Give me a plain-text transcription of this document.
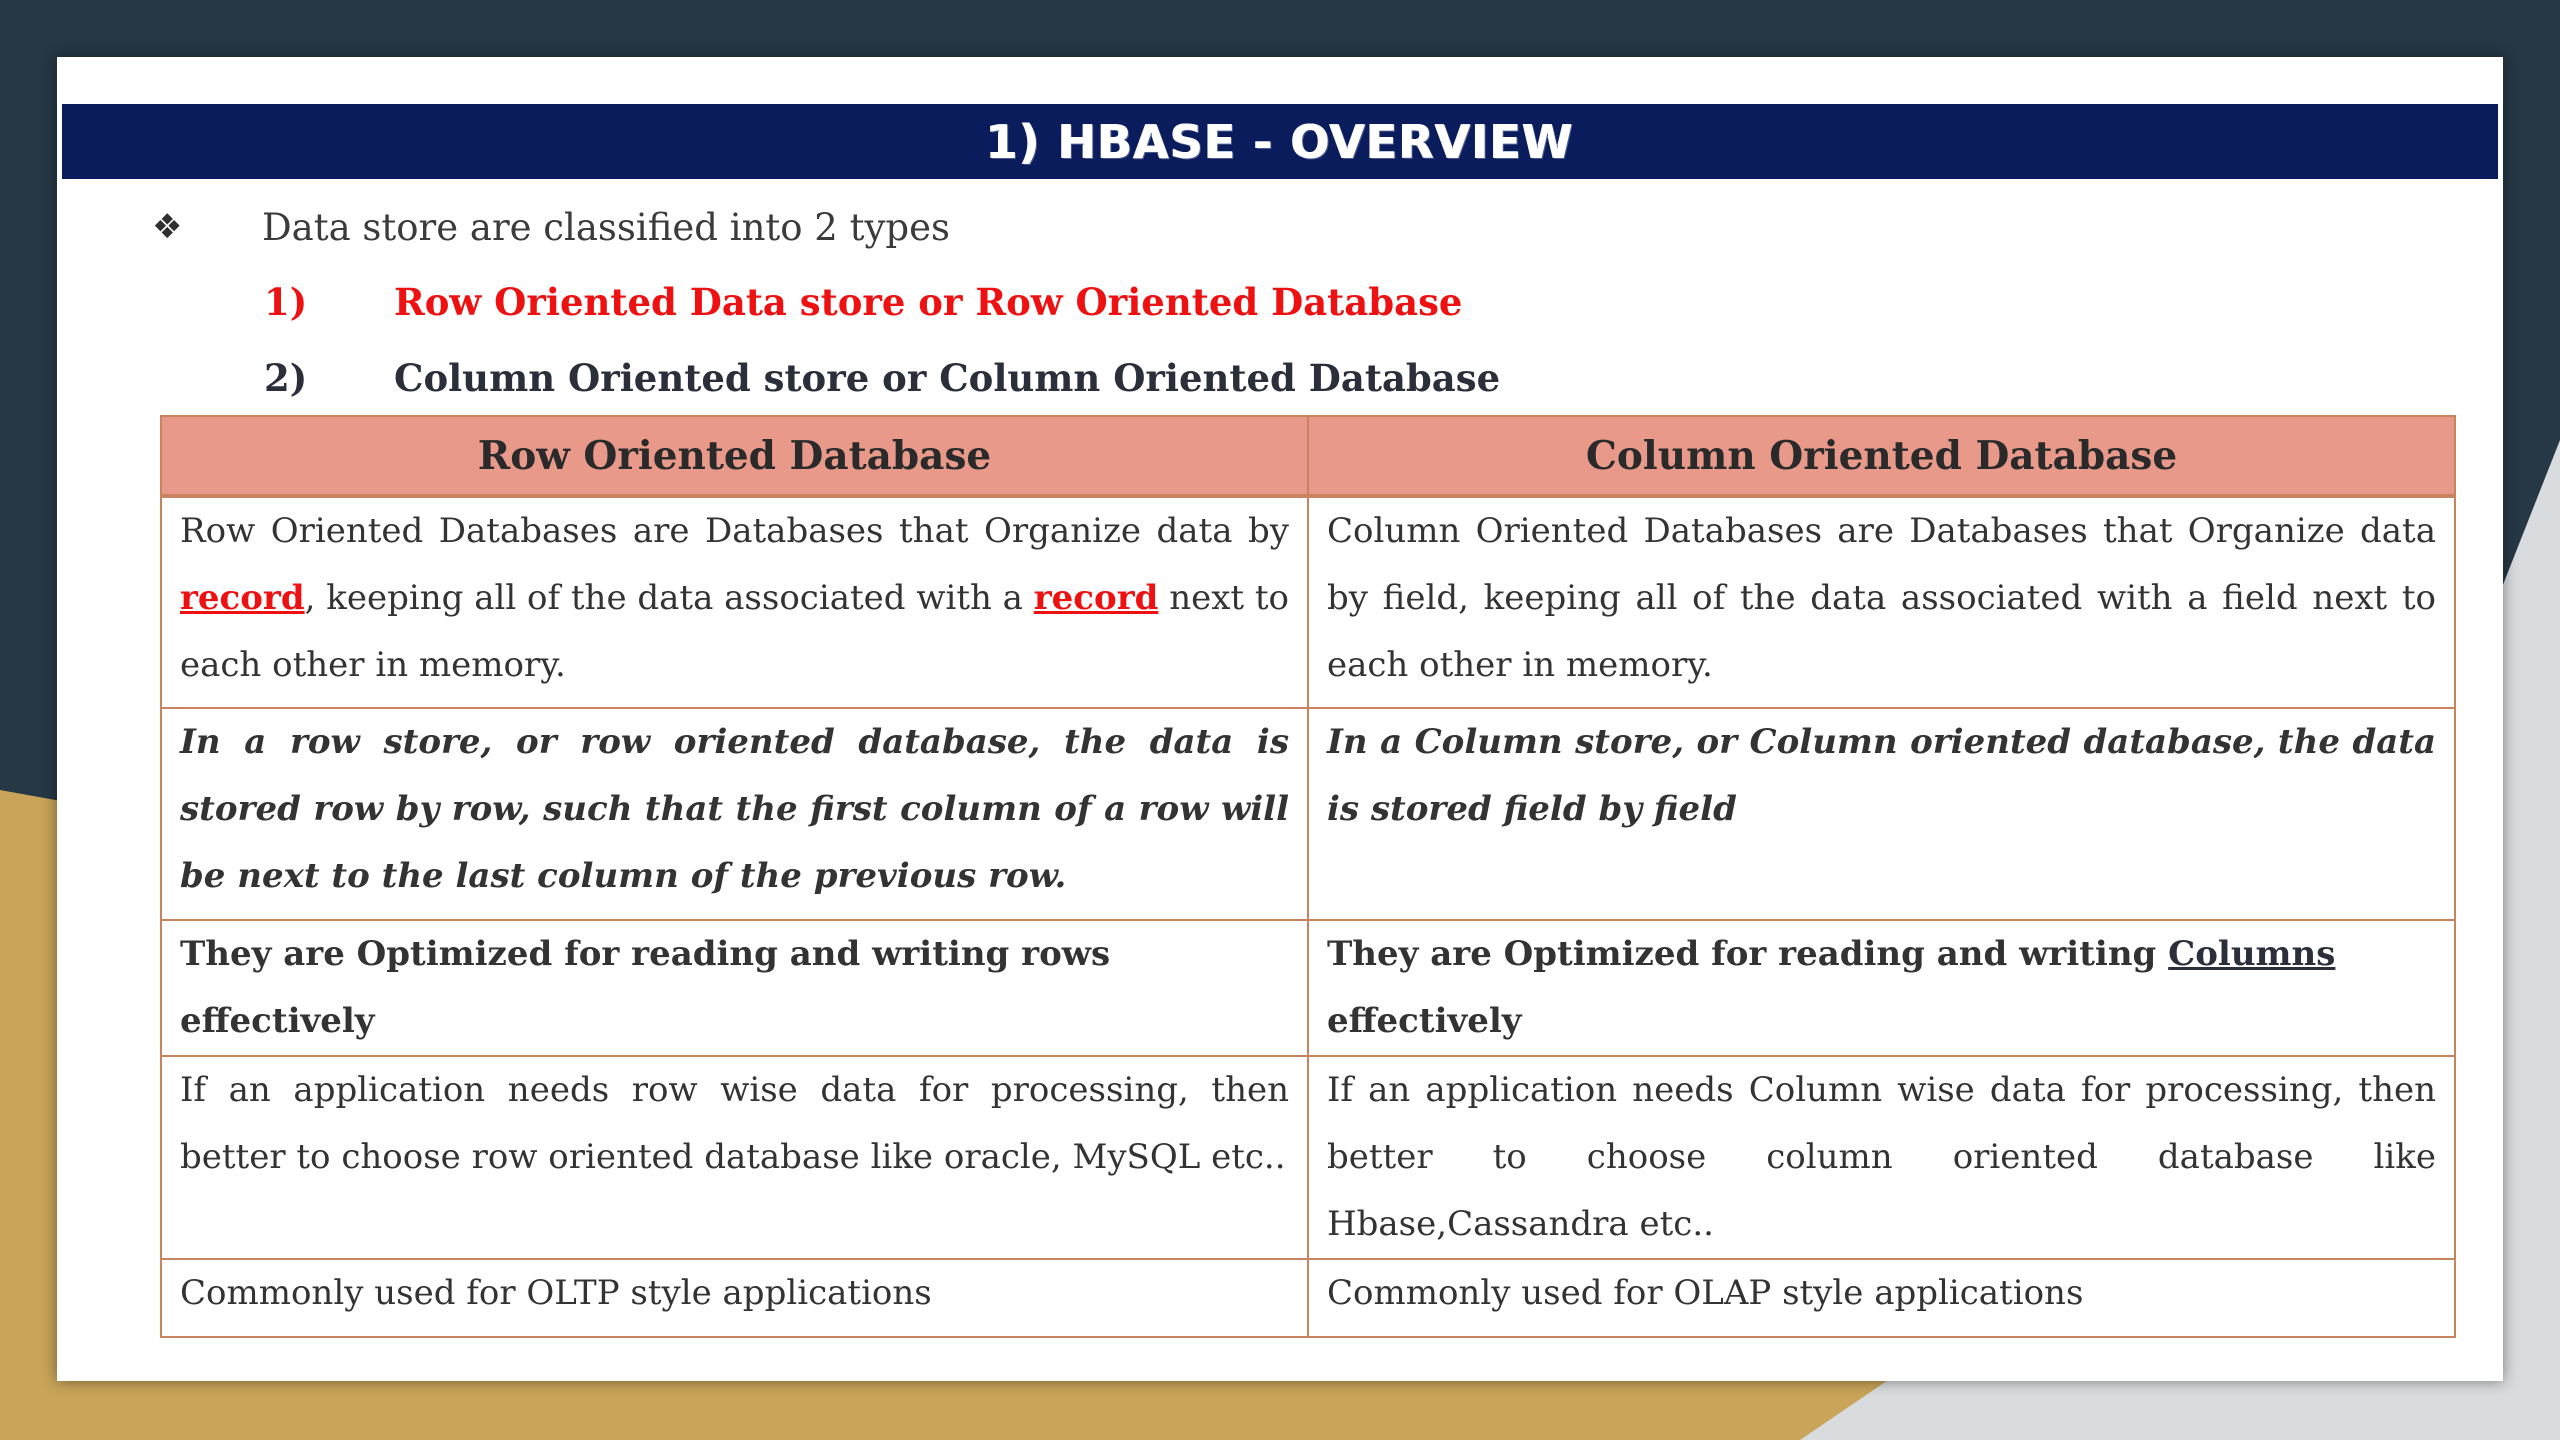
1) HBASE - OVERVIEW
❖	Data store are classified into 2 types
1)	Row Oriented Data store or Row Oriented Database
2)	Column Oriented store or Column Oriented Database
Row Oriented Database	Column Oriented Database
Row Oriented Databases are Databases that Organize data by record, keeping all of the data associated with a record next to each other in memory.	Column Oriented Databases are Databases that Organize data by field, keeping all of the data associated with a field next to each other in memory.
In a row store, or row oriented database, the data is stored row by row, such that the first column of a row will be next to the last column of the previous row.	In a Column store, or Column oriented database, the data is stored field by field
They are Optimized for reading and writing rows effectively	They are Optimized for reading and writing Columns effectively
If an application needs row wise data for processing, then better to choose row oriented database like oracle, MySQL etc..	If an application needs Column wise data for processing, then better to choose column oriented database like Hbase,Cassandra etc..
Commonly used for OLTP style applications	Commonly used for OLAP style applications
